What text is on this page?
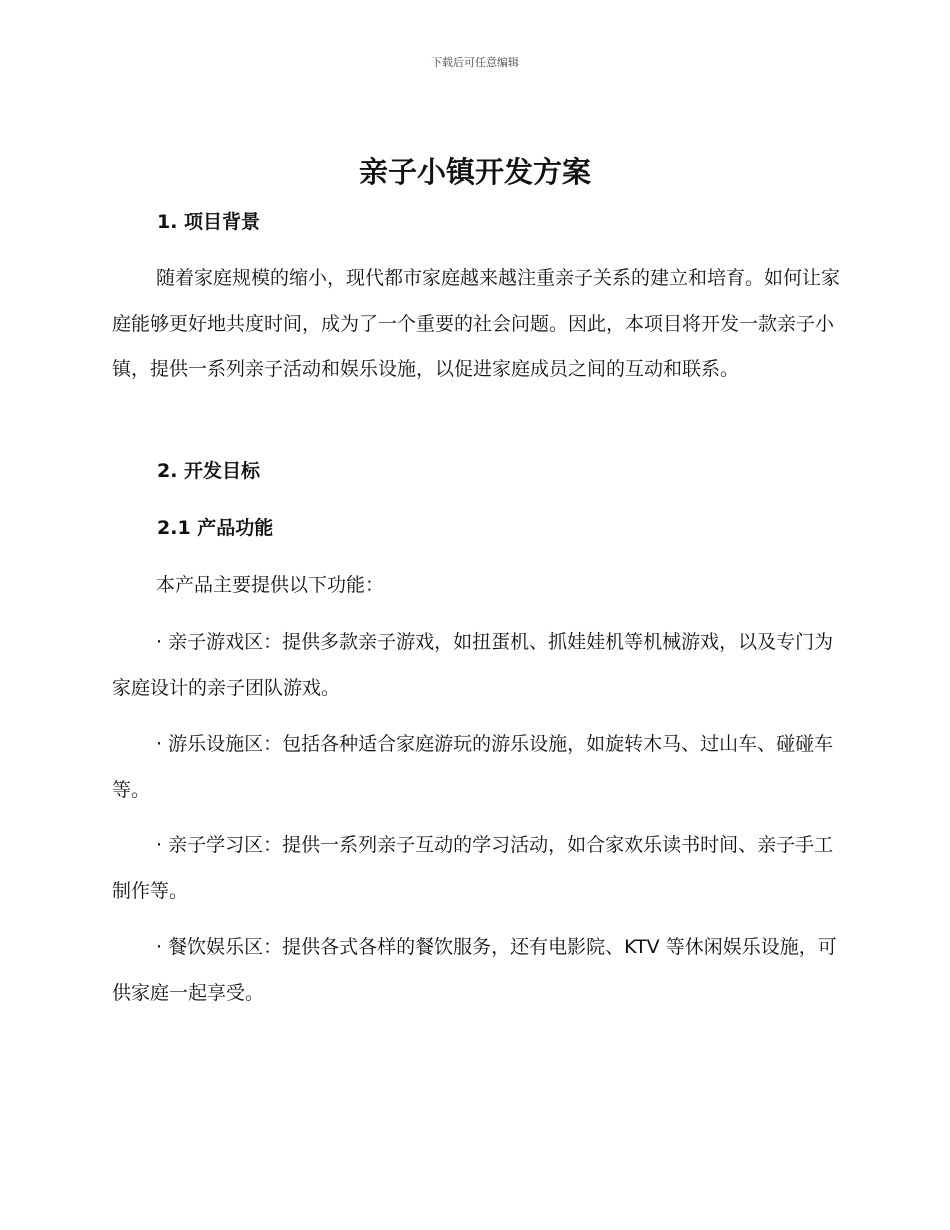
下载后可任意编辑
亲子小镇开发方案
1. 项目背景

随着家庭规模的缩小，现代都市家庭越来越注重亲子关系的建立和培育。如何让家庭能够更好地共度时间，成为了一个重要的社会问题。因此，本项目将开发一款亲子小镇，提供一系列亲子活动和娱乐设施，以促进家庭成员之间的互动和联系。

2. 开发目标
2.1 产品功能

本产品主要提供以下功能：

· 亲子游戏区：提供多款亲子游戏，如扭蛋机、抓娃娃机等机械游戏，以及专门为家庭设计的亲子团队游戏。

· 游乐设施区：包括各种适合家庭游玩的游乐设施，如旋转木马、过山车、碰碰车等。

· 亲子学习区：提供一系列亲子互动的学习活动，如合家欢乐读书时间、亲子手工制作等。

· 餐饮娱乐区：提供各式各样的餐饮服务，还有电影院、KTV 等休闲娱乐设施，可供家庭一起享受。
